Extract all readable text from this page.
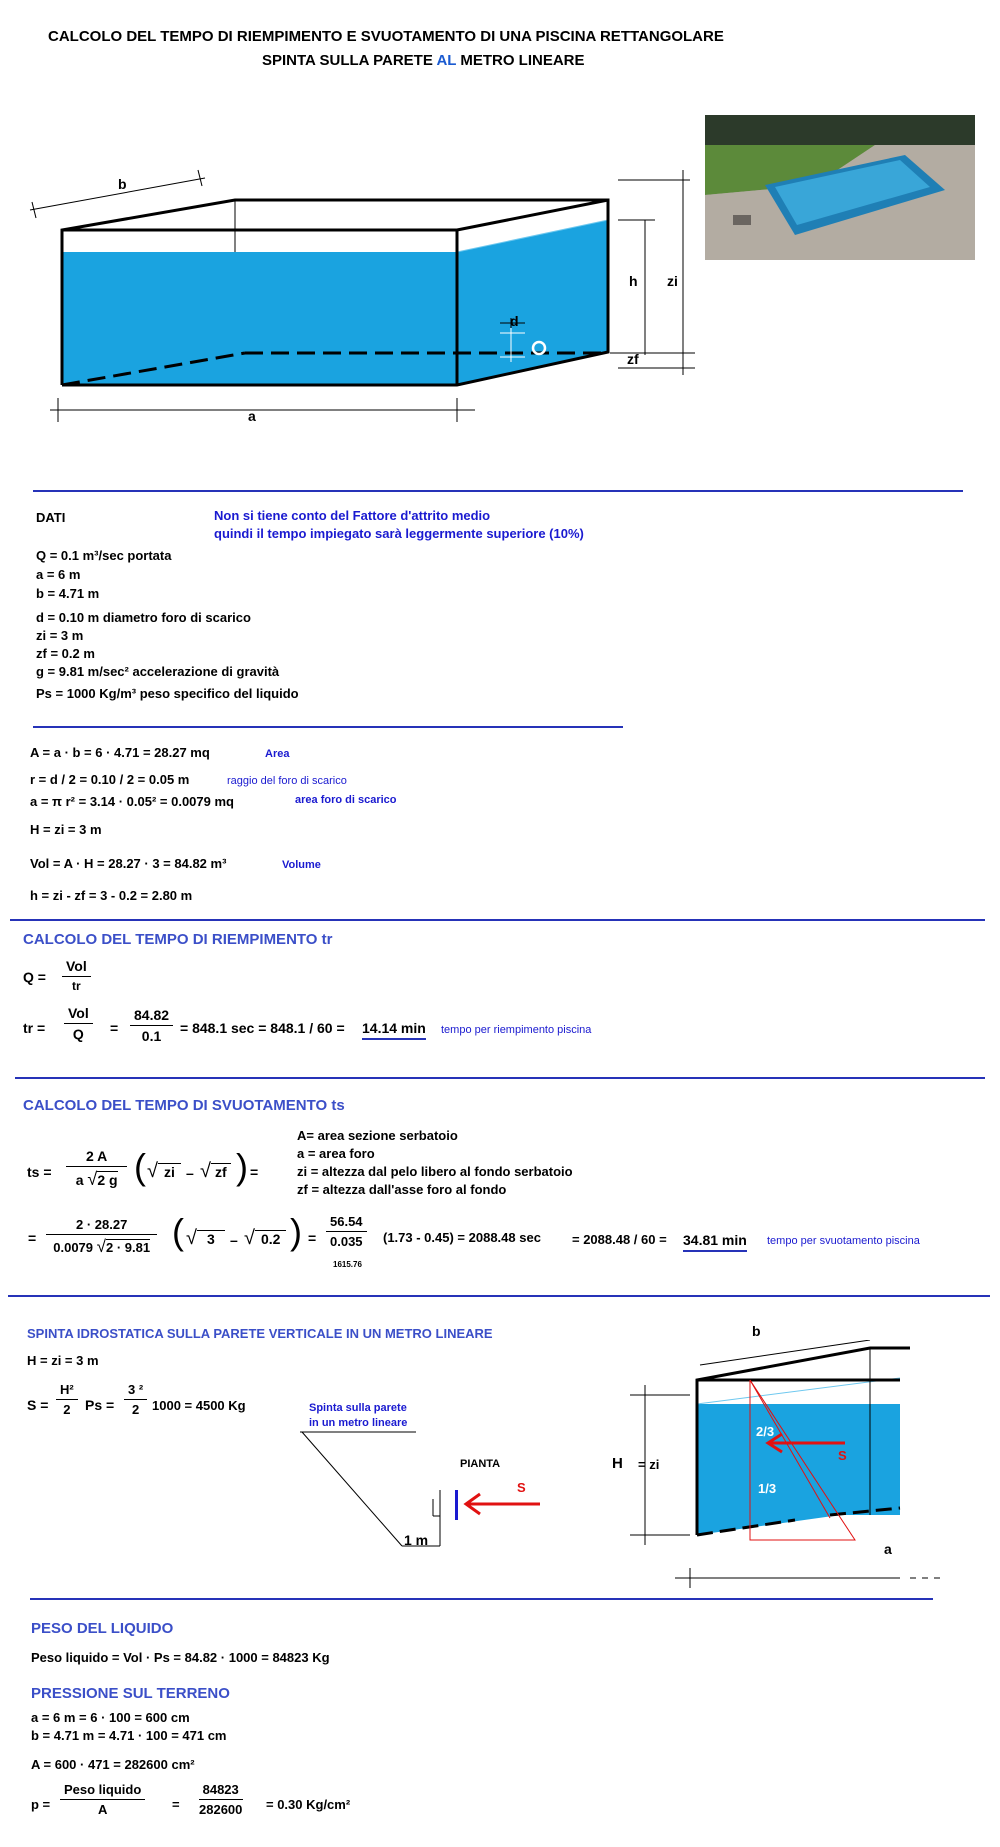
CALCOLO DEL TEMPO DI RIEMPIMENTO E SVUOTAMENTO DI UNA PISCINA RETTANGOLARE
SPINTA SULLA PARETE AL METRO LINEARE
b
a
h zi
d
zf
DATI	Non si tiene conto del Fattore d'attrito medio
quindi il tempo impiegato sarà leggermente superiore (10%)
Q = 0.1 m³/sec portata
a = 6 m
b = 4.71 m
d = 0.10 m diametro foro di scarico
zi = 3 m
zf = 0.2 m
g = 9.81 m/sec² accelerazione di gravità
Ps = 1000 Kg/m³ peso specifico del liquido
A = a · b = 6 · 4.71 = 28.27 mq	Area
r = d / 2 = 0.10 / 2 = 0.05 m	raggio del foro di scarico
a = π r² = 3.14 · 0.05² = 0.0079 mq	area foro di scarico
H = zi = 3 m
Vol = A · H = 28.27 · 3 = 84.82 m³	Volume
h = zi - zf = 3 - 0.2 = 2.80 m
CALCOLO DEL TEMPO DI RIEMPIMENTO tr
Q =
Vol
tr
tr =
Vol
$Q = \frac{84.82}{0.1} = 848.1$ sec = 848.1 / 60 = 14.14 min tempo per riempimento piscina
CALCOLO DEL TEMPO DI SVUOTAMENTO ts
ts = $\frac{2 A}{a √2 g}$ ( √ zi – √ zf ) =
A= area sezione serbatoio
a = area foro
zi = altezza dal pelo libero al fondo serbatoio
zf = altezza dall'asse foro al fondo
= $\frac{2 \cdot 28.27}{0.0079 √2 \cdot 9.81}$ ( √ 3	– √ 0.2 ) = $\frac{56.54}{0.035}$
1615.76
(1.73 - 0.45) = 2088.48 sec = 2088.48 / 60 = 34.81 min tempo per svuotamento piscina
SPINTA IDROSTATICA SULLA PARETE VERTICALE IN UN METRO LINEARE
H = zi = 3 m
$S = \frac{\text{H²}}{2}$ $Ps = \frac{\text{3 ²}}{2} 1000 = 4500$ Kg	Spinta sulla parete
in un metro lineare
PIANTA
S
1 m
b
H = zi
2/3
1/3
S
a
PESO DEL LIQUIDO
Peso liquido = Vol · Ps = 84.82 · 1000 = 84823 Kg
PRESSIONE SUL TERRENO
a = 6 m = 6 · 100 = 600 cm
b = 4.71 m = 4.71 · 100 = 471 cm
A = 600 · 471 = 282600 cm²
p =
Peso liquido
A	= $\frac{84823}{282600} = 0.30$ Kg/cm²
